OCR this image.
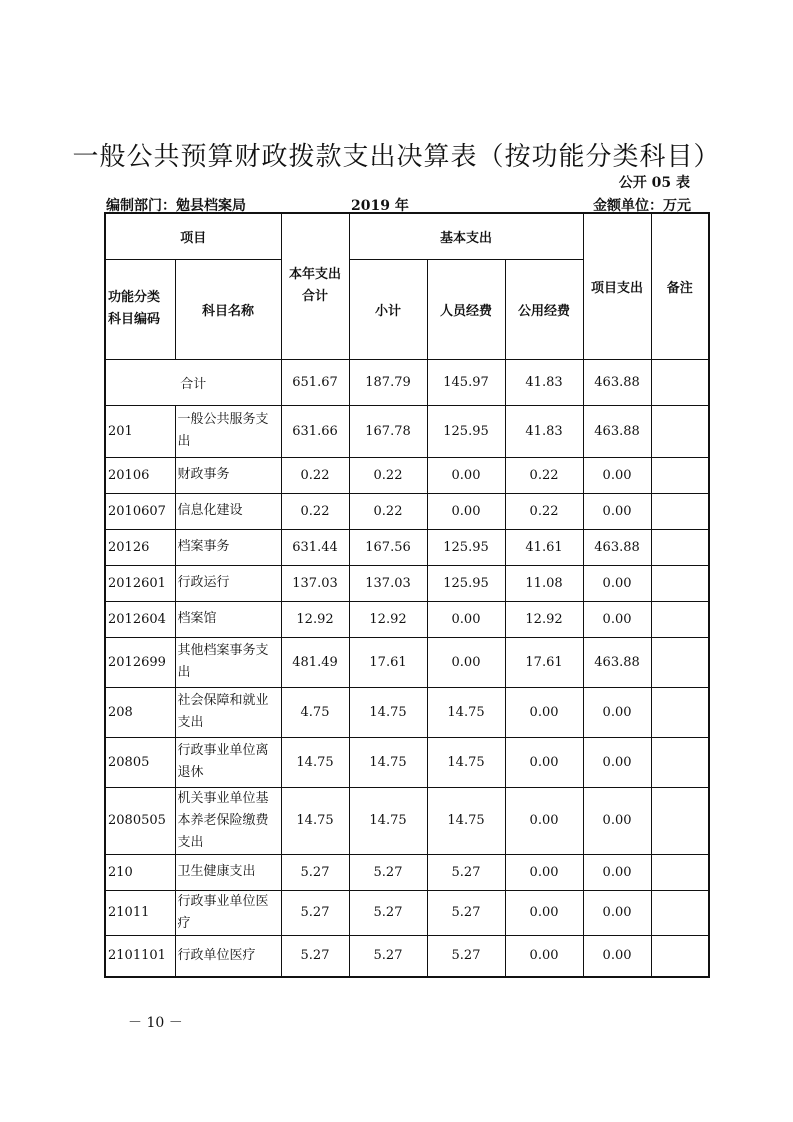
一般公共预算财政拨款支出决算表（按功能分类科目）
公开 05 表
编制部门：勉县档案局	2019 年	金额单位：万元
项目		本年支出合计	基本支出			项目支出	备注
功能分类科目编码	科目名称		小计	人员经费	公用经费		
合计		651.67	187.79	145.97	41.83	463.88	
201	一般公共服务支出	631.66	167.78	125.95	41.83	463.88	
20106	财政事务	0.22	0.22	0.00	0.22	0.00	
2010607	信息化建设	0.22	0.22	0.00	0.22	0.00	
20126	档案事务	631.44	167.56	125.95	41.61	463.88	
2012601	行政运行	137.03	137.03	125.95	11.08	0.00	
2012604	档案馆	12.92	12.92	0.00	12.92	0.00	
2012699	其他档案事务支出	481.49	17.61	0.00	17.61	463.88	
208	社会保障和就业支出	4.75	14.75	14.75	0.00	0.00	
20805	行政事业单位离退休	14.75	14.75	14.75	0.00	0.00	
2080505	机关事业单位基本养老保险缴费支出	14.75	14.75	14.75	0.00	0.00	
210	卫生健康支出	5.27	5.27	5.27	0.00	0.00	
21011	行政事业单位医疗	5.27	5.27	5.27	0.00	0.00	
2101101	行政单位医疗	5.27	5.27	5.27	0.00	0.00	
－ 10 －
